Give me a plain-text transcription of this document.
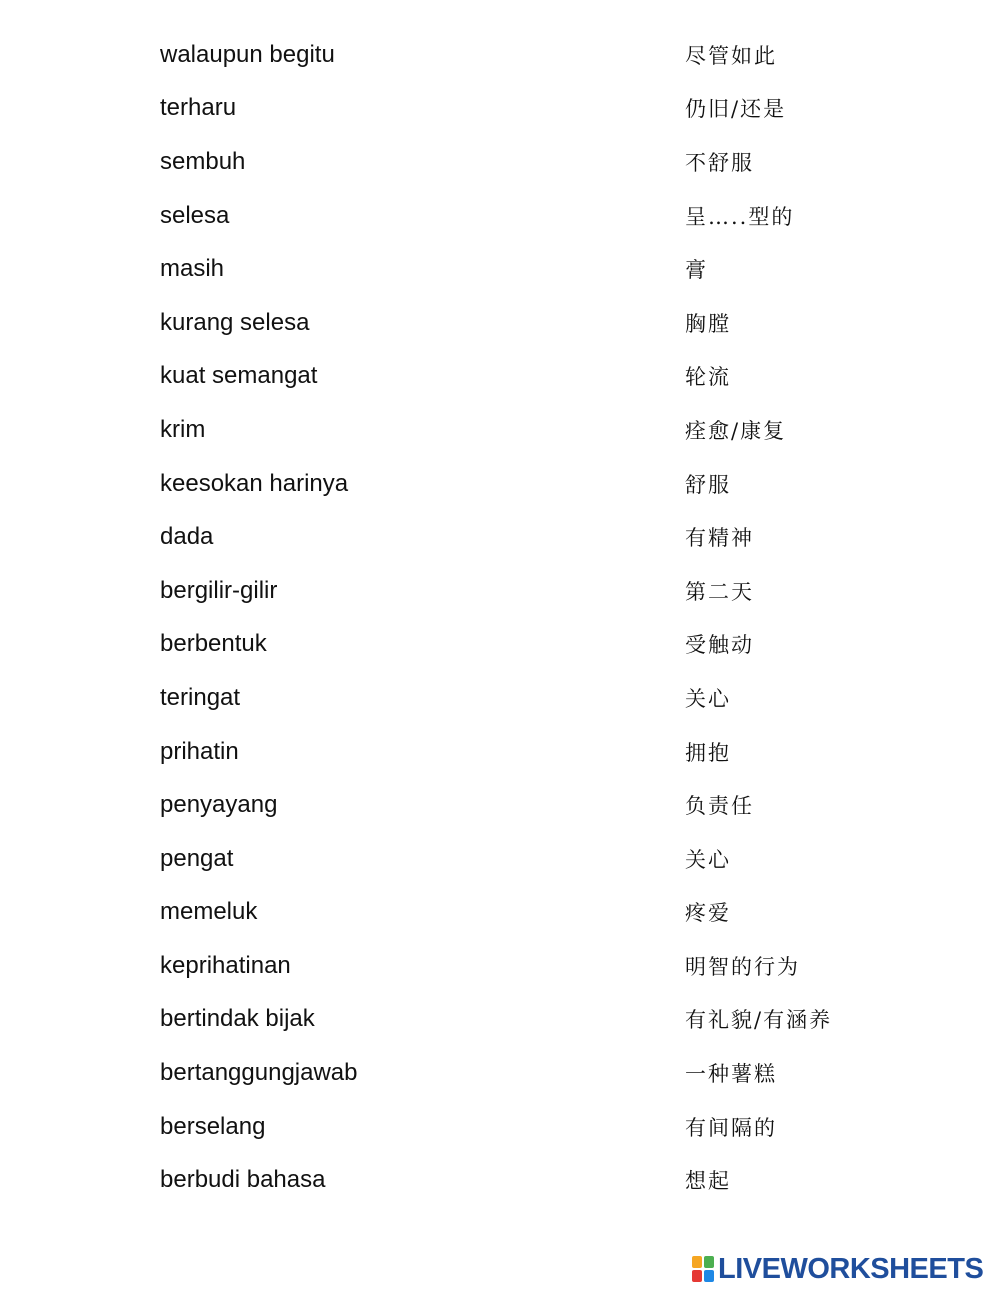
walaupun begitu	尽管如此
terharu	仍旧/还是
sembuh	不舒服
selesa	呈…..型的
masih	膏
kurang selesa	胸膛
kuat semangat	轮流
krim	痊愈/康复
keesokan harinya	舒服
dada	有精神
bergilir-gilir	第二天
berbentuk	受触动
teringat	关心
prihatin	拥抱
penyayang	负责任
pengat	关心
memeluk	疼爱
keprihatinan	明智的行为
bertindak bijak	有礼貌/有涵养
bertanggungjawab	一种薯糕
berselang	有间隔的
berbudi bahasa	想起
LIVEWORKSHEETS
